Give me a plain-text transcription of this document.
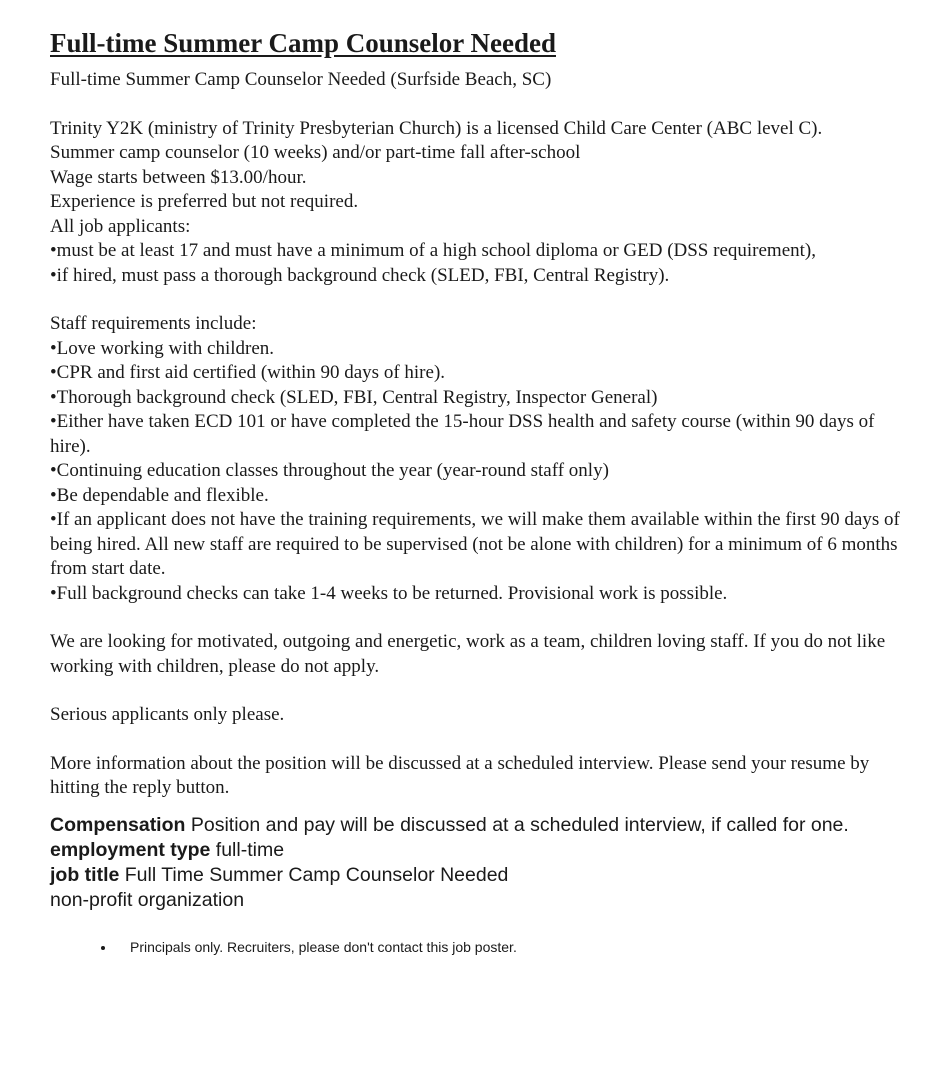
Full-time Summer Camp Counselor Needed

Full-time Summer Camp Counselor Needed (Surfside Beach, SC)

Trinity Y2K (ministry of Trinity Presbyterian Church) is a licensed Child Care Center (ABC level C).

Summer camp counselor (10 weeks) and/or part-time fall after-school

Wage starts between $13.00/hour.

Experience is preferred but not required.

All job applicants:

• must be at least 17 and must have a minimum of a high school diploma or GED (DSS requirement),

• if hired, must pass a thorough background check (SLED, FBI, Central Registry).

Staff requirements include:

• Love working with children.

• CPR and first aid certified (within 90 days of hire).

• Thorough background check (SLED, FBI, Central Registry, Inspector General)

• Either have taken ECD 101 or have completed the 15-hour DSS health and safety course (within 90 days of hire).

• Continuing education classes throughout the year (year-round staff only)

• Be dependable and flexible.

• If an applicant does not have the training requirements, we will make them available within the first 90 days of being hired. All new staff are required to be supervised (not be alone with children) for a minimum of 6 months from start date.

• Full background checks can take 1-4 weeks to be returned. Provisional work is possible.

We are looking for motivated, outgoing and energetic, work as a team, children loving staff. If you do not like working with children, please do not apply.

Serious applicants only please.

More information about the position will be discussed at a scheduled interview. Please send your resume by hitting the reply button.

Compensation Position and pay will be discussed at a scheduled interview, if called for one.

employment type full-time

job title Full Time Summer Camp Counselor Needed

non-profit organization

• Principals only. Recruiters, please don't contact this job poster.
